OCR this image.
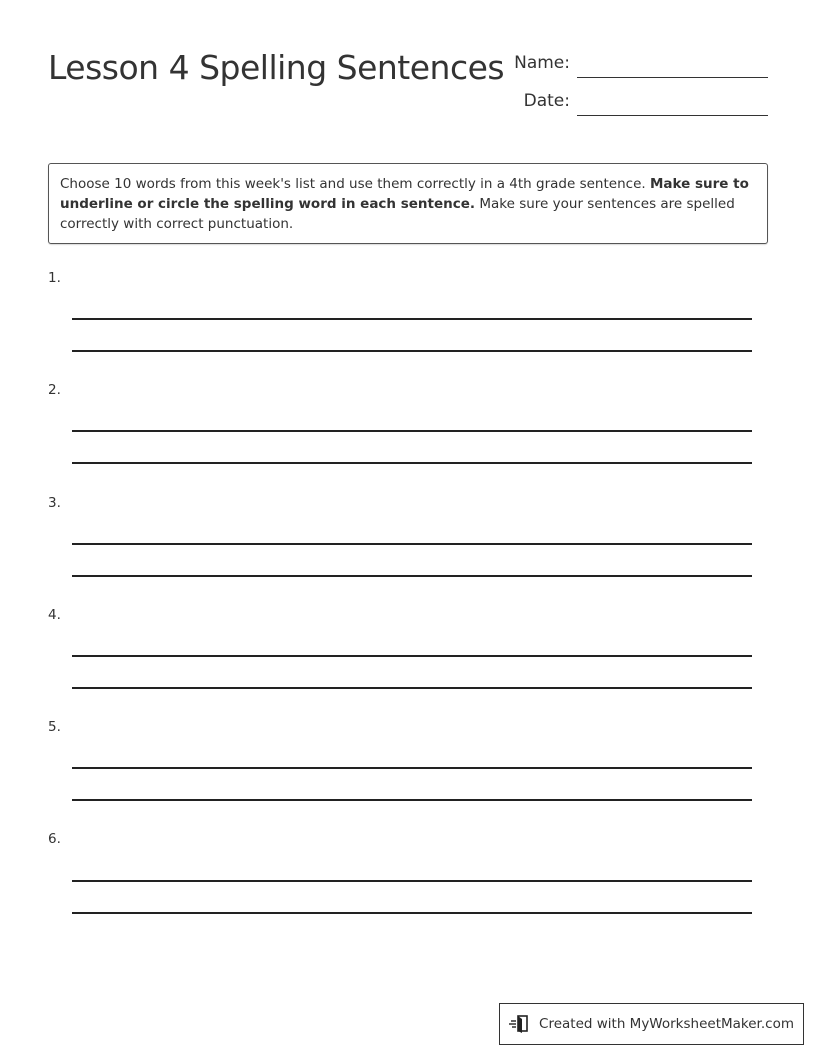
Lesson 4 Spelling Sentences Name:
Date:
Choose 10 words from this week's list and use them correctly in a 4th grade sentence. Make sure to underline or circle the spelling word in each sentence. Make sure your sentences are spelled correctly with correct punctuation.
1.
2.
3.
4.
5.
6.
Created with MyWorksheetMaker.com
